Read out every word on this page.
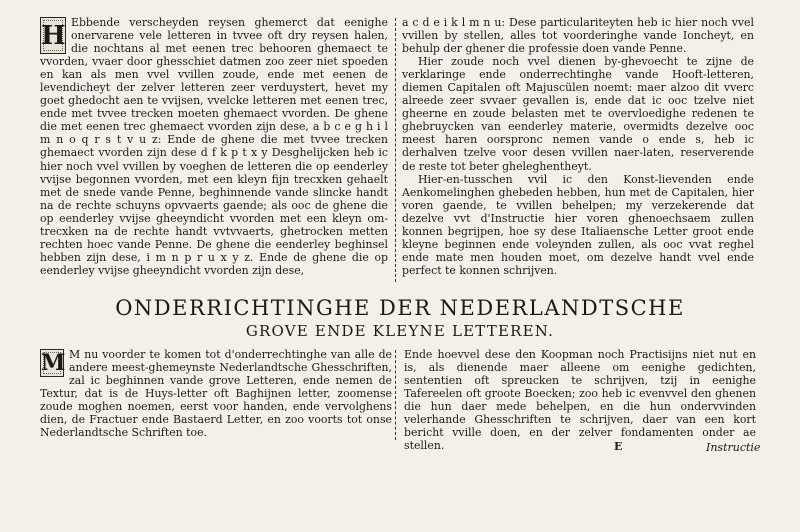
H Ebbende verscheyden reysen ghemerct dat eenighe onervarene vele letteren in tvvee oft dry reysen halen, die nochtans al met eenen trec behooren ghemaect te vvorden, vvaer door ghesschiet datmen zoo zeer niet spoeden en kan als men vvel vvillen zoude, ende met eenen de levendicheyt der zelver letteren zeer verduystert, hevet my goet ghedocht aen te vvijsen, vvelcke letteren met eenen trec, ende met tvvee trecken moeten ghemaect vvorden. De ghene die met eenen trec ghemaect vvorden zijn dese, a b c e g h i l m n o q r s t v u z: Ende de ghene die met tvvee trecken ghemaect vvorden zijn dese d f k p t x y Desghelijcken heb ic hier noch vvel vvillen by voeghen de letteren die op eenderley vvijse begonnen vvorden, met een kleyn fijn trecxken gehaelt met de snede vande Penne, beghinnende vande slincke handt na de rechte schuyns opvvaerts gaende; als ooc de ghene die op eenderley vvijse gheeyndicht vvorden met een kleyn om-trecxken na de rechte handt vvtvvaerts, ghetrocken metten rechten hoec vande Penne. De ghene die eenderley beghinsel hebben zijn dese, i m n p r u x y z. Ende de ghene die op eenderley vvijse gheeyndicht vvorden zijn dese,

a c d e i k l m n u: Dese particulariteyten heb ic hier noch vvel vvillen by stellen, alles tot voorderinghe vande Ioncheyt, en behulp der ghener die professie doen vande Penne.

Hier zoude noch vvel dienen by-ghevoecht te zijne de verklaringe ende onderrechtinghe vande Hooft-letteren, diemen Capitalen oft Majuscülen noemt: maer alzoo dit vverc alreede zeer svvaer gevallen is, ende dat ic ooc tzelve niet gheerne en zoude belasten met te overvloedighe redenen te ghebruycken van eenderley materie, overmidts dezelve ooc meest haren oorspronc nemen vande o ende s, heb ic derhalven tzelve voor desen vvillen naer-laten, reserverende de reste tot beter gheleghentheyt.

Hier-en-tusschen vvil ic den Konst-lievenden ende Aenkomelinghen ghebeden hebben, hun met de Capitalen, hier voren gaende, te vvillen behelpen; my verzekerende dat dezelve vvt d'Instructie hier voren ghenoechsaem zullen konnen begrijpen, hoe sy dese Italiaensche Letter groot ende kleyne beginnen ende voleynden zullen, als ooc vvat reghel ende mate men houden moet, om dezelve handt vvel ende perfect te konnen schrijven.

ONDERRICHTINGHE DER NEDERLANDTSCHE
GROVE ENDE KLEYNE LETTEREN.

M M nu voorder te komen tot d'onderrechtinghe van alle de andere meest-ghemeynste Nederlandtsche Ghesschriften, zal ic beghinnen vande grove Letteren, ende nemen de Textur, dat is de Huys-letter oft Baghijnen letter, zoomense zoude moghen noemen, eerst voor handen, ende vervolghens dien, de Fractuer ende Bastaerd Letter, en zoo voorts tot onse Nederlandtsche Schriften toe.

Ende hoevvel dese den Koopman noch Practisijns niet nut en is, als dienende maer alleene om eenighe gedichten, sententien oft spreucken te schrijven, tzij in eenighe Tafereelen oft groote Boecken; zoo heb ic evenvvel den ghenen die hun daer mede behelpen, en die hun ondervvinden velerhande Ghesschriften te schrijven, daer van een kort bericht vville doen, en der zelver fondamenten onder ae stellen.	E	Instructie
